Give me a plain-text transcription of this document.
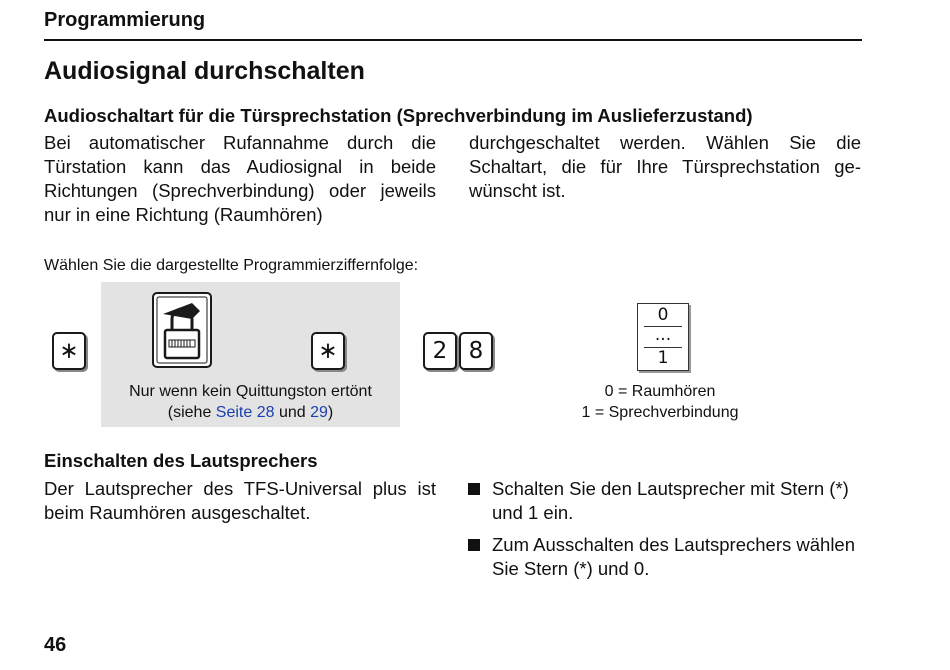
Programmierung
Audiosignal durchschalten
Audioschaltart für die Türsprechstation (Sprechverbindung im Auslieferzustand)
Bei automatischer Rufannahme durch die Türstation kann das Audiosignal in beide Richtungen (Sprechverbindung) oder jeweils nur in eine Richtung (Raumhören)
durchgeschaltet werden. Wählen Sie die Schaltart, die für Ihre Türsprechstation gewünscht ist.
Wählen Sie die dargestellte Programmierziffernfolge:
∗	∗
Nur wenn kein Quittungston ertönt
(siehe Seite 28 und 29)
2 8
0
...
1
0 = Raumhören
1 = Sprechverbindung
Einschalten des Lautsprechers
Der Lautsprecher des TFS-Universal plus ist beim Raumhören ausgeschaltet.
Schalten Sie den Lautsprecher mit Stern (*) und 1 ein.
Zum Ausschalten des Lautsprechers wählen Sie Stern (*) und 0.
46
